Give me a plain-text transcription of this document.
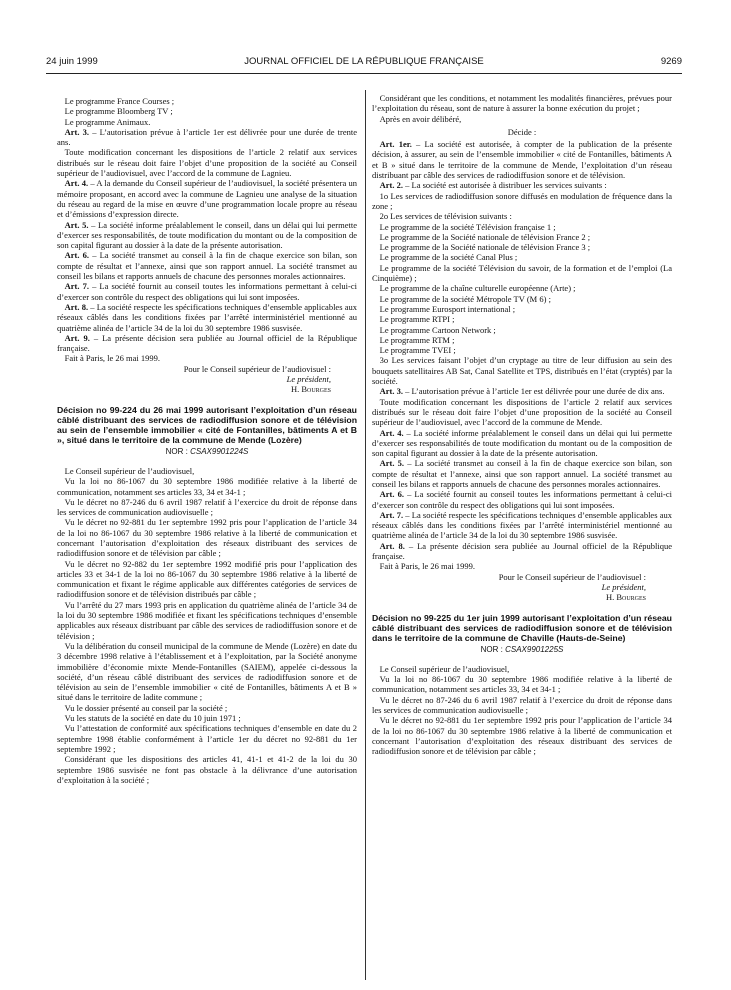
24 juin 1999	JOURNAL OFFICIEL DE LA RÉPUBLIQUE FRANÇAISE	9269

Le programme France Courses ;

Le programme Bloomberg TV ;

Le programme Animaux.

Art. 3. – L’autorisation prévue à l’article 1er est délivrée pour une durée de trente ans.

Toute modification concernant les dispositions de l’article 2 relatif aux services distribués sur le réseau doit faire l’objet d’une proposition de la société au Conseil supérieur de l’audiovisuel, avec l’accord de la commune de Lagnieu.

Art. 4. – A la demande du Conseil supérieur de l’audiovisuel, la société présentera un mémoire proposant, en accord avec la commune de Lagnieu une analyse de la situation du réseau au regard de la mise en œuvre d’une programmation locale propre au réseau et d’émissions d’expression directe.

Art. 5. – La société informe préalablement le conseil, dans un délai qui lui permette d’exercer ses responsabilités, de toute modification du montant ou de la composition de son capital figurant au dossier à la date de la présente autorisation.

Art. 6. – La société transmet au conseil à la fin de chaque exercice son bilan, son compte de résultat et l’annexe, ainsi que son rapport annuel. La société transmet au conseil les bilans et rapports annuels de chacune des personnes morales actionnaires.

Art. 7. – La société fournit au conseil toutes les informations permettant à celui-ci d’exercer son contrôle du respect des obligations qui lui sont imposées.

Art. 8. – La société respecte les spécifications techniques d’ensemble applicables aux réseaux câblés dans les conditions fixées par l’arrêté interministériel mentionné au quatrième alinéa de l’article 34 de la loi du 30 septembre 1986 susvisée.

Art. 9. – La présente décision sera publiée au Journal officiel de la République française.

Fait à Paris, le 26 mai 1999.

Pour le Conseil supérieur de l’audiovisuel :

Le président,

H. Bourges

Décision no 99-224 du 26 mai 1999 autorisant l’exploitation d’un réseau câblé distribuant des services de radiodiffusion sonore et de télévision au sein de l’ensemble immobilier « cité de Fontanilles, bâtiments A et B », situé dans le territoire de la commune de Mende (Lozère)

NOR : CSAX9901224S

Le Conseil supérieur de l’audiovisuel,

Vu la loi no 86-1067 du 30 septembre 1986 modifiée relative à la liberté de communication, notamment ses articles 33, 34 et 34-1 ;

Vu le décret no 87-246 du 6 avril 1987 relatif à l’exercice du droit de réponse dans les services de communication audiovisuelle ;

Vu le décret no 92-881 du 1er septembre 1992 pris pour l’application de l’article 34 de la loi no 86-1067 du 30 septembre 1986 relative à la liberté de communication et concernant l’autorisation d’exploitation des réseaux distribuant des services de radiodiffusion sonore et de télévision par câble ;

Vu le décret no 92-882 du 1er septembre 1992 modifié pris pour l’application des articles 33 et 34-1 de la loi no 86-1067 du 30 septembre 1986 relative à la liberté de communication et fixant le régime applicable aux différentes catégories de services de radiodiffusion sonore et de télévision distribués par câble ;

Vu l’arrêté du 27 mars 1993 pris en application du quatrième alinéa de l’article 34 de la loi du 30 septembre 1986 modifiée et fixant les spécifications techniques d’ensemble applicables aux réseaux distribuant par câble des services de radiodiffusion sonore et de télévision ;

Vu la délibération du conseil municipal de la commune de Mende (Lozère) en date du 3 décembre 1998 relative à l’établissement et à l’exploitation, par la Société anonyme immobilière d’économie mixte Mende-Fontanilles (SAIEM), appelée ci-dessous la société, d’un réseau câblé distribuant des services de radiodiffusion sonore et de télévision au sein de l’ensemble immobilier « cité de Fontanilles, bâtiments A et B » situé dans le territoire de ladite commune ;

Vu le dossier présenté au conseil par la société ;

Vu les statuts de la société en date du 10 juin 1971 ;

Vu l’attestation de conformité aux spécifications techniques d’ensemble en date du 2 septembre 1998 établie conformément à l’article 1er du décret no 92-881 du 1er septembre 1992 ;

Considérant que les dispositions des articles 41, 41-1 et 41-2 de la loi du 30 septembre 1986 susvisée ne font pas obstacle à la délivrance d’une autorisation d’exploitation à la société ;

Considérant que les conditions, et notamment les modalités financières, prévues pour l’exploitation du réseau, sont de nature à assurer la bonne exécution du projet ;

Après en avoir délibéré,

Décide :

Art. 1er. – La société est autorisée, à compter de la publication de la présente décision, à assurer, au sein de l’ensemble immobilier « cité de Fontanilles, bâtiments A et B » situé dans le territoire de la commune de Mende, l’exploitation d’un réseau distribuant par câble des services de radiodiffusion sonore et de télévision.

Art. 2. – La société est autorisée à distribuer les services suivants :

1o Les services de radiodiffusion sonore diffusés en modulation de fréquence dans la zone ;

2o Les services de télévision suivants :

Le programme de la société Télévision française 1 ;

Le programme de la Société nationale de télévision France 2 ;

Le programme de la Société nationale de télévision France 3 ;

Le programme de la société Canal Plus ;

Le programme de la société Télévision du savoir, de la formation et de l’emploi (La Cinquième) ;

Le programme de la chaîne culturelle européenne (Arte) ;

Le programme de la société Métropole TV (M 6) ;

Le programme Eurosport international ;

Le programme RTPI ;

Le programme Cartoon Network ;

Le programme RTM ;

Le programme TVEI ;

3o Les services faisant l’objet d’un cryptage au titre de leur diffusion au sein des bouquets satellitaires AB Sat, Canal Satellite et TPS, distribués en l’état (cryptés) par la société.

Art. 3. – L’autorisation prévue à l’article 1er est délivrée pour une durée de dix ans.

Toute modification concernant les dispositions de l’article 2 relatif aux services distribués sur le réseau doit faire l’objet d’une proposition de la société au Conseil supérieur de l’audiovisuel, avec l’accord de la commune de Mende.

Art. 4. – La société informe préalablement le conseil dans un délai qui lui permette d’exercer ses responsabilités de toute modification du montant ou de la composition de son capital figurant au dossier à la date de la présente autorisation.

Art. 5. – La société transmet au conseil à la fin de chaque exercice son bilan, son compte de résultat et l’annexe, ainsi que son rapport annuel. La société transmet au conseil les bilans et rapports annuels de chacune des personnes morales actionnaires.

Art. 6. – La société fournit au conseil toutes les informations permettant à celui-ci d’exercer son contrôle du respect des obligations qui lui sont imposées.

Art. 7. – La société respecte les spécifications techniques d’ensemble applicables aux réseaux câblés dans les conditions fixées par l’arrêté interministériel mentionné au quatrième alinéa de l’article 34 de la loi du 30 septembre 1986 susvisée.

Art. 8. – La présente décision sera publiée au Journal officiel de la République française.

Fait à Paris, le 26 mai 1999.

Pour le Conseil supérieur de l’audiovisuel :

Le président,

H. Bourges

Décision no 99-225 du 1er juin 1999 autorisant l’exploitation d’un réseau câblé distribuant des services de radiodiffusion sonore et de télévision dans le territoire de la commune de Chaville (Hauts-de-Seine)

NOR : CSAX9901225S

Le Conseil supérieur de l’audiovisuel,

Vu la loi no 86-1067 du 30 septembre 1986 modifiée relative à la liberté de communication, notamment ses articles 33, 34 et 34-1 ;

Vu le décret no 87-246 du 6 avril 1987 relatif à l’exercice du droit de réponse dans les services de communication audiovisuelle ;

Vu le décret no 92-881 du 1er septembre 1992 pris pour l’application de l’article 34 de la loi no 86-1067 du 30 septembre 1986 relative à la liberté de communication et concernant l’autorisation d’exploitation des réseaux distribuant des services de radiodiffusion sonore et de télévision par câble ;
